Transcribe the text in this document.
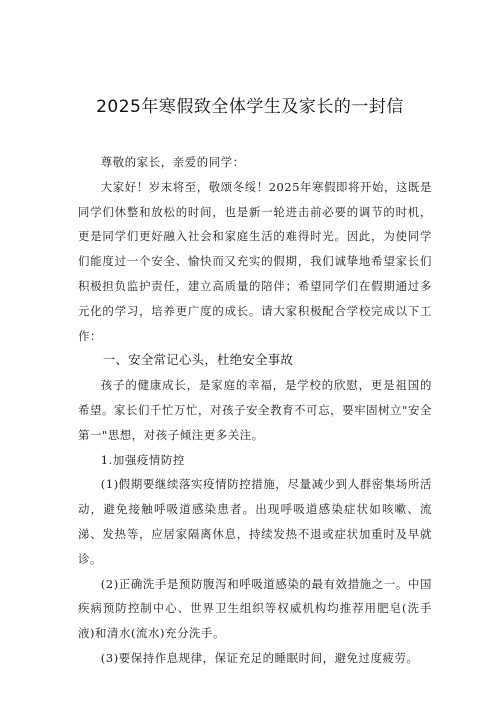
2025年寒假致全体学生及家长的一封信

尊敬的家长，亲爱的同学：

大家好！岁末将至，敬颂冬绥！2025年寒假即将开始，这既是同学们休整和放松的时间，也是新一轮进击前必要的调节的时机，更是同学们更好融入社会和家庭生活的难得时光。因此，为使同学们能度过一个安全、愉快而又充实的假期，我们诚挚地希望家长们积极担负监护责任，建立高质量的陪伴；希望同学们在假期通过多元化的学习，培养更广度的成长。请大家积极配合学校完成以下工作：

一、安全常记心头，杜绝安全事故

孩子的健康成长，是家庭的幸福，是学校的欣慰，更是祖国的希望。家长们千忙万忙，对孩子安全教育不可忘，要牢固树立"安全第一"思想，对孩子倾注更多关注。

1.加强疫情防控

(1)假期要继续落实疫情防控措施，尽量减少到人群密集场所活动，避免接触呼吸道感染患者。出现呼吸道感染症状如咳嗽、流涕、发热等，应居家隔离休息，持续发热不退或症状加重时及早就诊。

(2)正确洗手是预防腹泻和呼吸道感染的最有效措施之一。中国疾病预防控制中心、世界卫生组织等权威机构均推荐用肥皂(洗手液)和清水(流水)充分洗手。

(3)要保持作息规律，保证充足的睡眠时间，避免过度疲劳。
